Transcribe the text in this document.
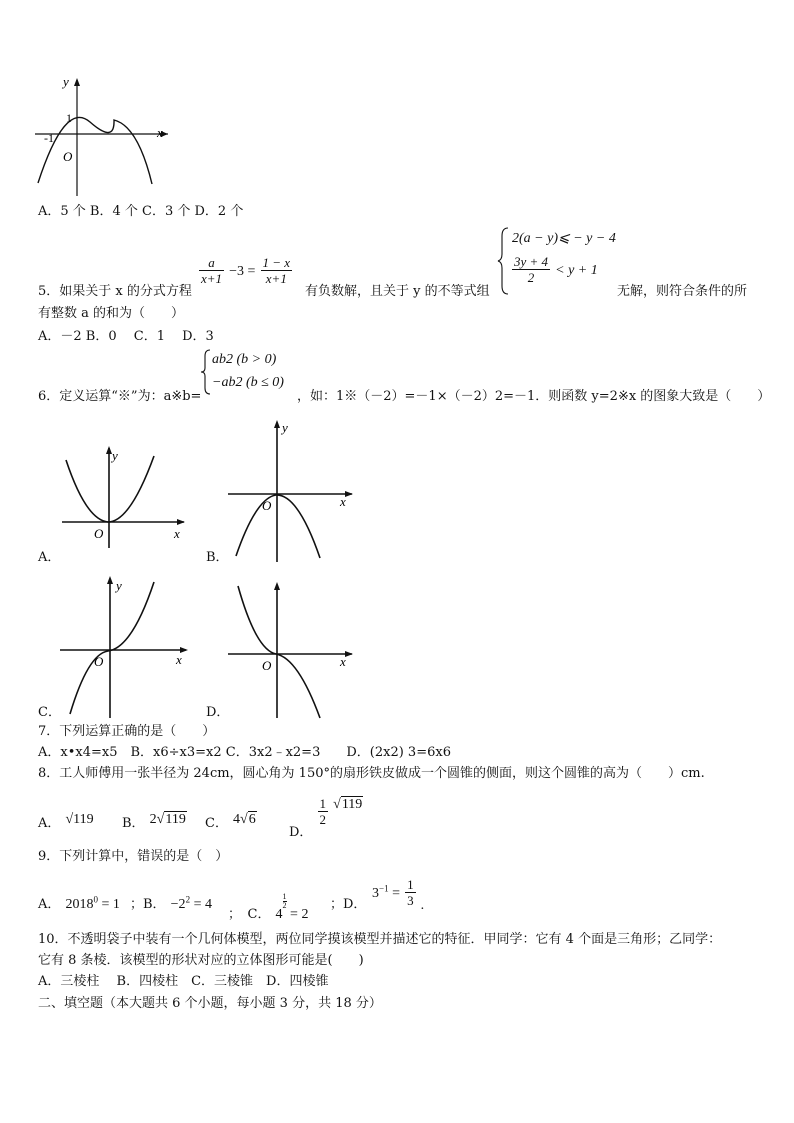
y
x
O
-1
1
A．5 个 B．4 个 C．3 个 D．2 个
5．如果关于 x 的分式方程
$\frac{a}{x+1} -3 = \frac{1 - x}{x+1}$
有负数解，且关于 y 的不等式组
2(a − y)⩽ − y − 4
$\frac{3y + 4}{2} < y + 1$
无解，则符合条件的所
有整数 a 的和为（　　）
A．－2 B．0　 C．1　 D．3
6．定义运算“※”为：a※b=
ab2 (b > 0)
−ab2 (b ≤ 0)
，如：1※（－2）=－1×（－2）2=－1．则函数 y=2※x 的图象大致是（　　）
y
x
O
A．
y
x
O
B．
y
x
O
C．
x
O
D．
7．下列运算正确的是（　　）
A．x•x4=x5　B．x6÷x3=x2 C．3x2﹣x2=3　　D．(2x2) 3=6x6
8．工人师傅用一张半径为 24cm，圆心角为 150°的扇形铁皮做成一个圆锥的侧面，则这个圆锥的高为（　　）cm.
A． √119 B． 2√119 C． 4√6
$_{D.}$
$\frac{1}{2} √119$
9．下列计算中，错误的是（　）
A． $2018^0 = 1$ ；B． $-2^2 = 4$
；　C． 4
$\frac{1}{2}$
= 2
；D．
$3^{-1} = \frac{1}{3}$ .
10．不透明袋子中装有一个几何体模型，两位同学摸该模型并描述它的特征．甲同学：它有 4 个面是三角形；乙同学：
它有 8 条棱．该模型的形状对应的立体图形可能是(　　)
A．三棱柱　 B．四棱柱　C．三棱锥　D．四棱锥
二、填空题（本大题共 6 个小题，每小题 3 分，共 18 分）
